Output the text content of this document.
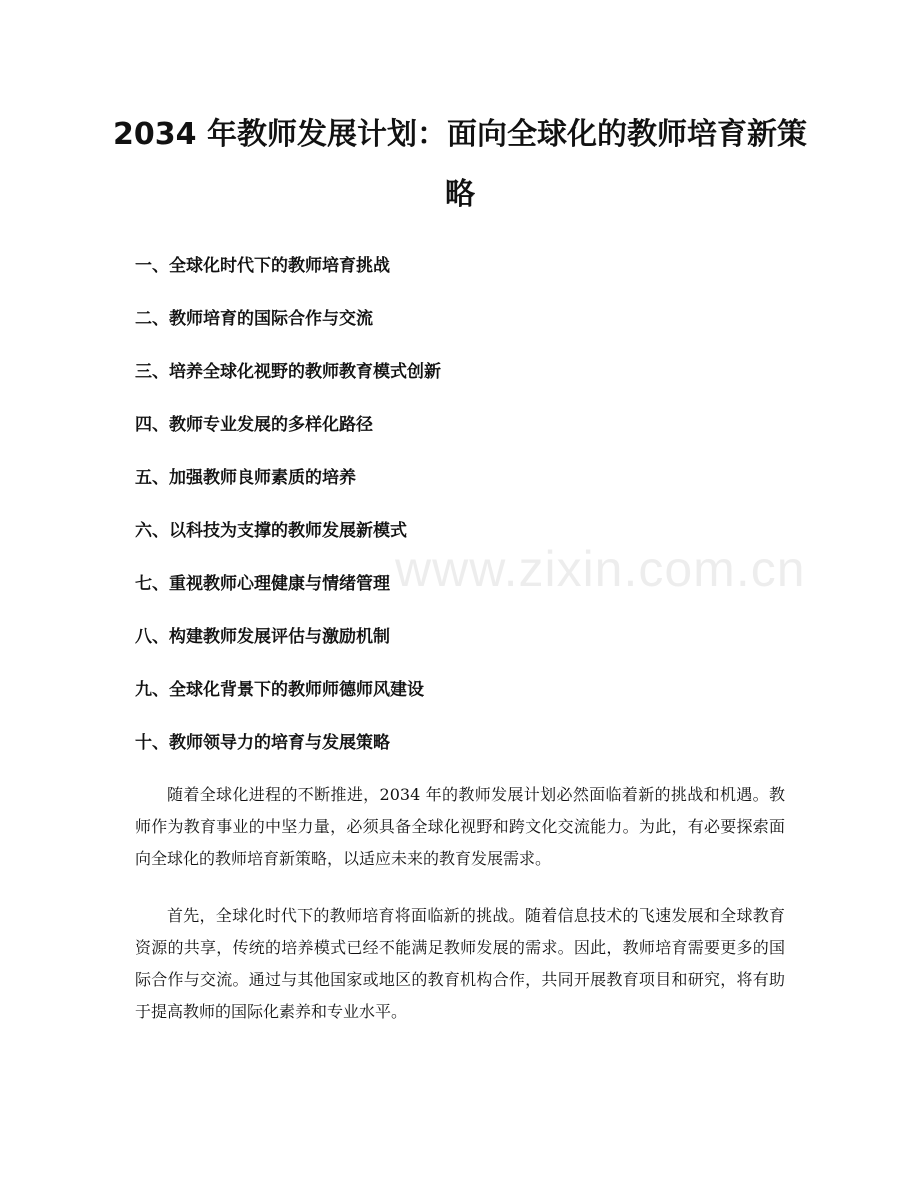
www.zixin.com.cn
2034 年教师发展计划：面向全球化的教师培育新策略
一、全球化时代下的教师培育挑战
二、教师培育的国际合作与交流
三、培养全球化视野的教师教育模式创新
四、教师专业发展的多样化路径
五、加强教师良师素质的培养
六、以科技为支撑的教师发展新模式
七、重视教师心理健康与情绪管理
八、构建教师发展评估与激励机制
九、全球化背景下的教师师德师风建设
十、教师领导力的培育与发展策略

随着全球化进程的不断推进，2034 年的教师发展计划必然面临着新的挑战和机遇。教师作为教育事业的中坚力量，必须具备全球化视野和跨文化交流能力。为此，有必要探索面向全球化的教师培育新策略，以适应未来的教育发展需求。

首先，全球化时代下的教师培育将面临新的挑战。随着信息技术的飞速发展和全球教育资源的共享，传统的培养模式已经不能满足教师发展的需求。因此，教师培育需要更多的国际合作与交流。通过与其他国家或地区的教育机构合作，共同开展教育项目和研究，将有助于提高教师的国际化素养和专业水平。
